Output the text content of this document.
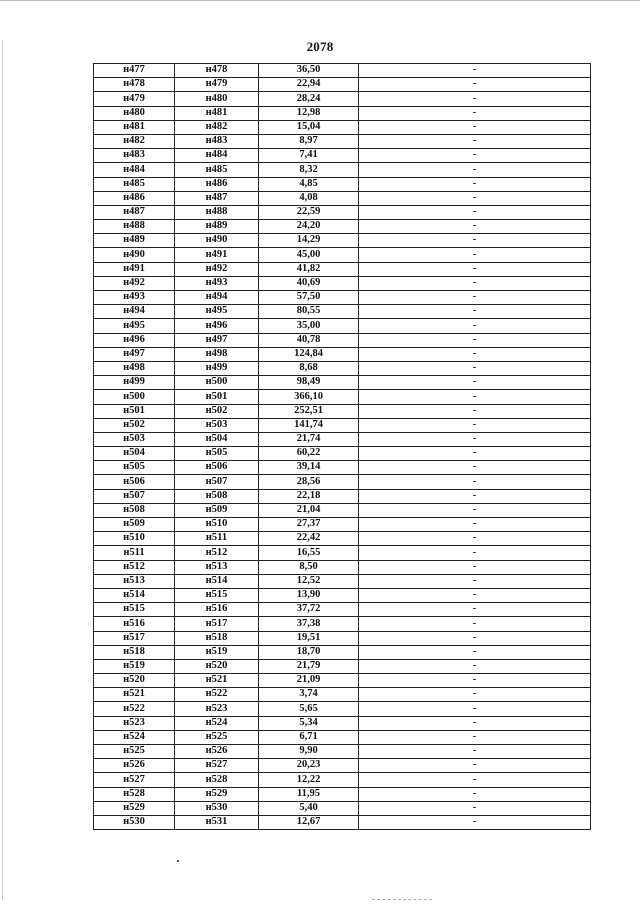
2078
н477	н478	36,50	-
н478	н479	22,94	-
н479	н480	28,24	-
н480	н481	12,98	-
н481	н482	15,04	-
н482	н483	8,97	-
н483	н484	7,41	-
н484	н485	8,32	-
н485	н486	4,85	-
н486	н487	4,08	-
н487	н488	22,59	-
н488	н489	24,20	-
н489	н490	14,29	-
н490	н491	45,00	-
н491	н492	41,82	-
н492	н493	40,69	-
н493	н494	57,50	-
н494	н495	80,55	-
н495	н496	35,00	-
н496	н497	40,78	-
н497	н498	124,84	-
н498	н499	8,68	-
н499	н500	98,49	-
н500	н501	366,10	-
н501	н502	252,51	-
н502	н503	141,74	-
н503	н504	21,74	-
н504	н505	60,22	-
н505	н506	39,14	-
н506	н507	28,56	-
н507	н508	22,18	-
н508	н509	21,04	-
н509	н510	27,37	-
н510	н511	22,42	-
н511	н512	16,55	-
н512	н513	8,50	-
н513	н514	12,52	-
н514	н515	13,90	-
н515	н516	37,72	-
н516	н517	37,38	-
н517	н518	19,51	-
н518	н519	18,70	-
н519	н520	21,79	-
н520	н521	21,09	-
н521	н522	3,74	-
н522	н523	5,65	-
н523	н524	5,34	-
н524	н525	6,71	-
н525	н526	9,90	-
н526	н527	20,23	-
н527	н528	12,22	-
н528	н529	11,95	-
н529	н530	5,40	-
н530	н531	12,67	-
